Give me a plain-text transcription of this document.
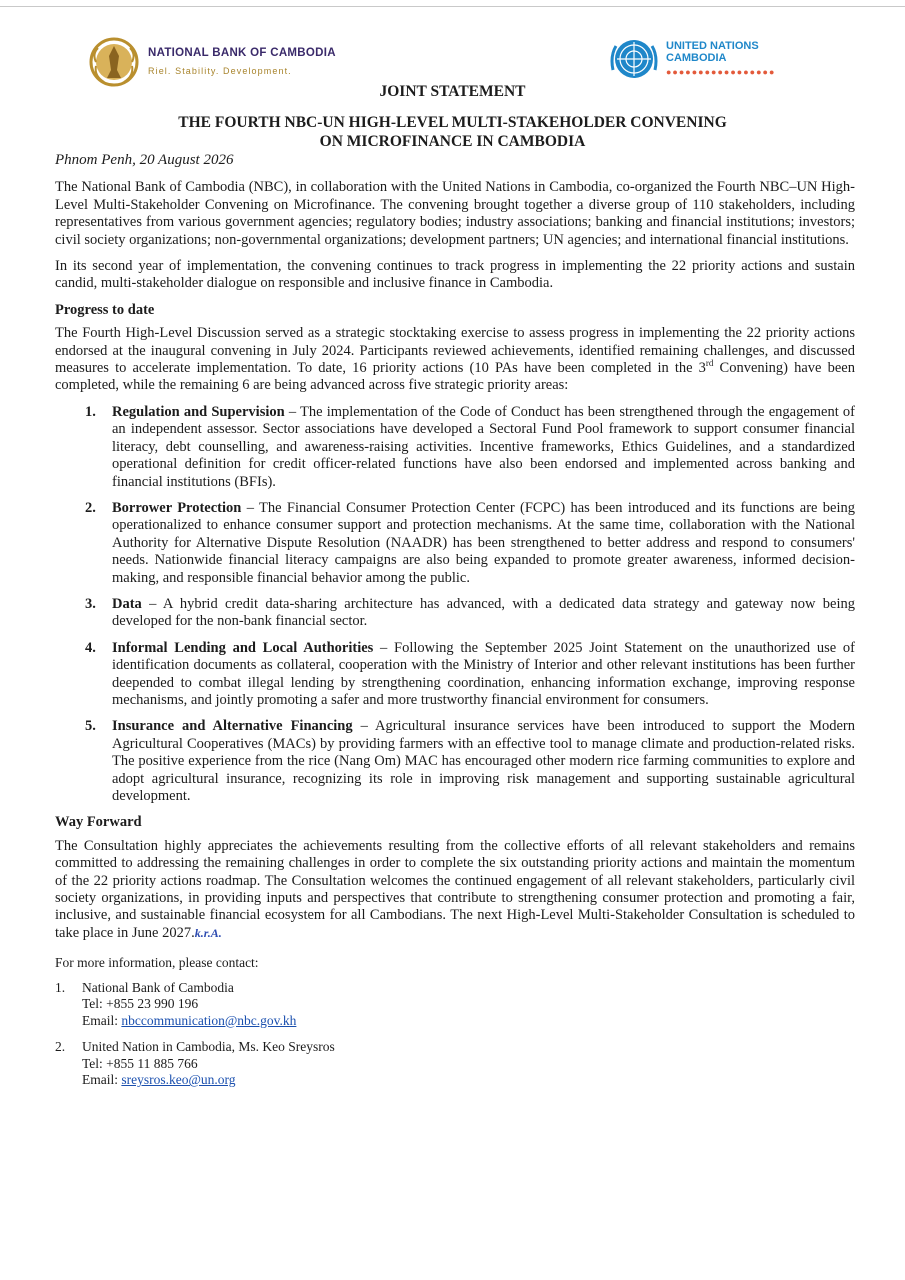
NATIONAL BANK OF CAMBODIA
Riel. Stability. Development.
UNITED NATIONS
CAMBODIA
●●●●●●●●●●●●●●●●●
JOINT STATEMENT
THE FOURTH NBC-UN HIGH-LEVEL MULTI-STAKEHOLDER CONVENING
ON MICROFINANCE IN CAMBODIA
Phnom Penh, 20 August 2026

The National Bank of Cambodia (NBC), in collaboration with the United Nations in Cambodia, co-organized the Fourth NBC–UN High-Level Multi-Stakeholder Convening on Microfinance. The convening brought together a diverse group of 110 stakeholders, including representatives from various government agencies; regulatory bodies; industry associations; banking and financial institutions; investors; civil society organizations; non-governmental organizations; development partners; UN agencies; and international financial institutions.

In its second year of implementation, the convening continues to track progress in implementing the 22 priority actions and sustain candid, multi-stakeholder dialogue on responsible and inclusive finance in Cambodia.

Progress to date

The Fourth High-Level Discussion served as a strategic stocktaking exercise to assess progress in implementing the 22 priority actions endorsed at the inaugural convening in July 2024. Participants reviewed achievements, identified remaining challenges, and discussed measures to accelerate implementation. To date, 16 priority actions (10 PAs have been completed in the 3rd Convening) have been completed, while the remaining 6 are being advanced across five strategic priority areas:

1. Regulation and Supervision – The implementation of the Code of Conduct has been strengthened through the engagement of an independent assessor. Sector associations have developed a Sectoral Fund Pool framework to support consumer financial literacy, debt counselling, and awareness-raising activities. Incentive frameworks, Ethics Guidelines, and a standardized operational definition for credit officer-related functions have also been endorsed and implemented across banking and financial institutions (BFIs).
2. Borrower Protection – The Financial Consumer Protection Center (FCPC) has been introduced and its functions are being operationalized to enhance consumer support and protection mechanisms. At the same time, collaboration with the National Authority for Alternative Dispute Resolution (NAADR) has been strengthened to better address and respond to consumers' needs. Nationwide financial literacy campaigns are also being expanded to promote greater awareness, informed decision-making, and responsible financial behavior among the public.
3. Data – A hybrid credit data-sharing architecture has advanced, with a dedicated data strategy and gateway now being developed for the non-bank financial sector.
4. Informal Lending and Local Authorities – Following the September 2025 Joint Statement on the unauthorized use of identification documents as collateral, cooperation with the Ministry of Interior and other relevant institutions has been further deepended to combat illegal lending by strengthening coordination, enhancing information exchange, improving response mechanisms, and jointly promoting a safer and more trustworthy financial environment for consumers.
5. Insurance and Alternative Financing – Agricultural insurance services have been introduced to support the Modern Agricultural Cooperatives (MACs) by providing farmers with an effective tool to manage climate and production-related risks. The positive experience from the rice (Nang Om) MAC has encouraged other modern rice farming communities to explore and adopt agricultural insurance, recognizing its role in improving risk management and supporting sustainable agricultural development.
Way Forward

The Consultation highly appreciates the achievements resulting from the collective efforts of all relevant stakeholders and remains committed to addressing the remaining challenges in order to complete the six outstanding priority actions and maintain the momentum of the 22 priority actions roadmap. The Consultation welcomes the continued engagement of all relevant stakeholders, particularly civil society organizations, in providing inputs and perspectives that contribute to strengthening consumer protection and promoting a fair, inclusive, and sustainable financial ecosystem for all Cambodians. The next High-Level Multi-Stakeholder Consultation is scheduled to take place in June 2027.k.r.A.

For more information, please contact:
1. National Bank of Cambodia
Tel: +855 23 990 196
Email: nbccommunication@nbc.gov.kh
2. United Nation in Cambodia, Ms. Keo Sreysros
Tel: +855 11 885 766
Email: sreysros.keo@un.org
